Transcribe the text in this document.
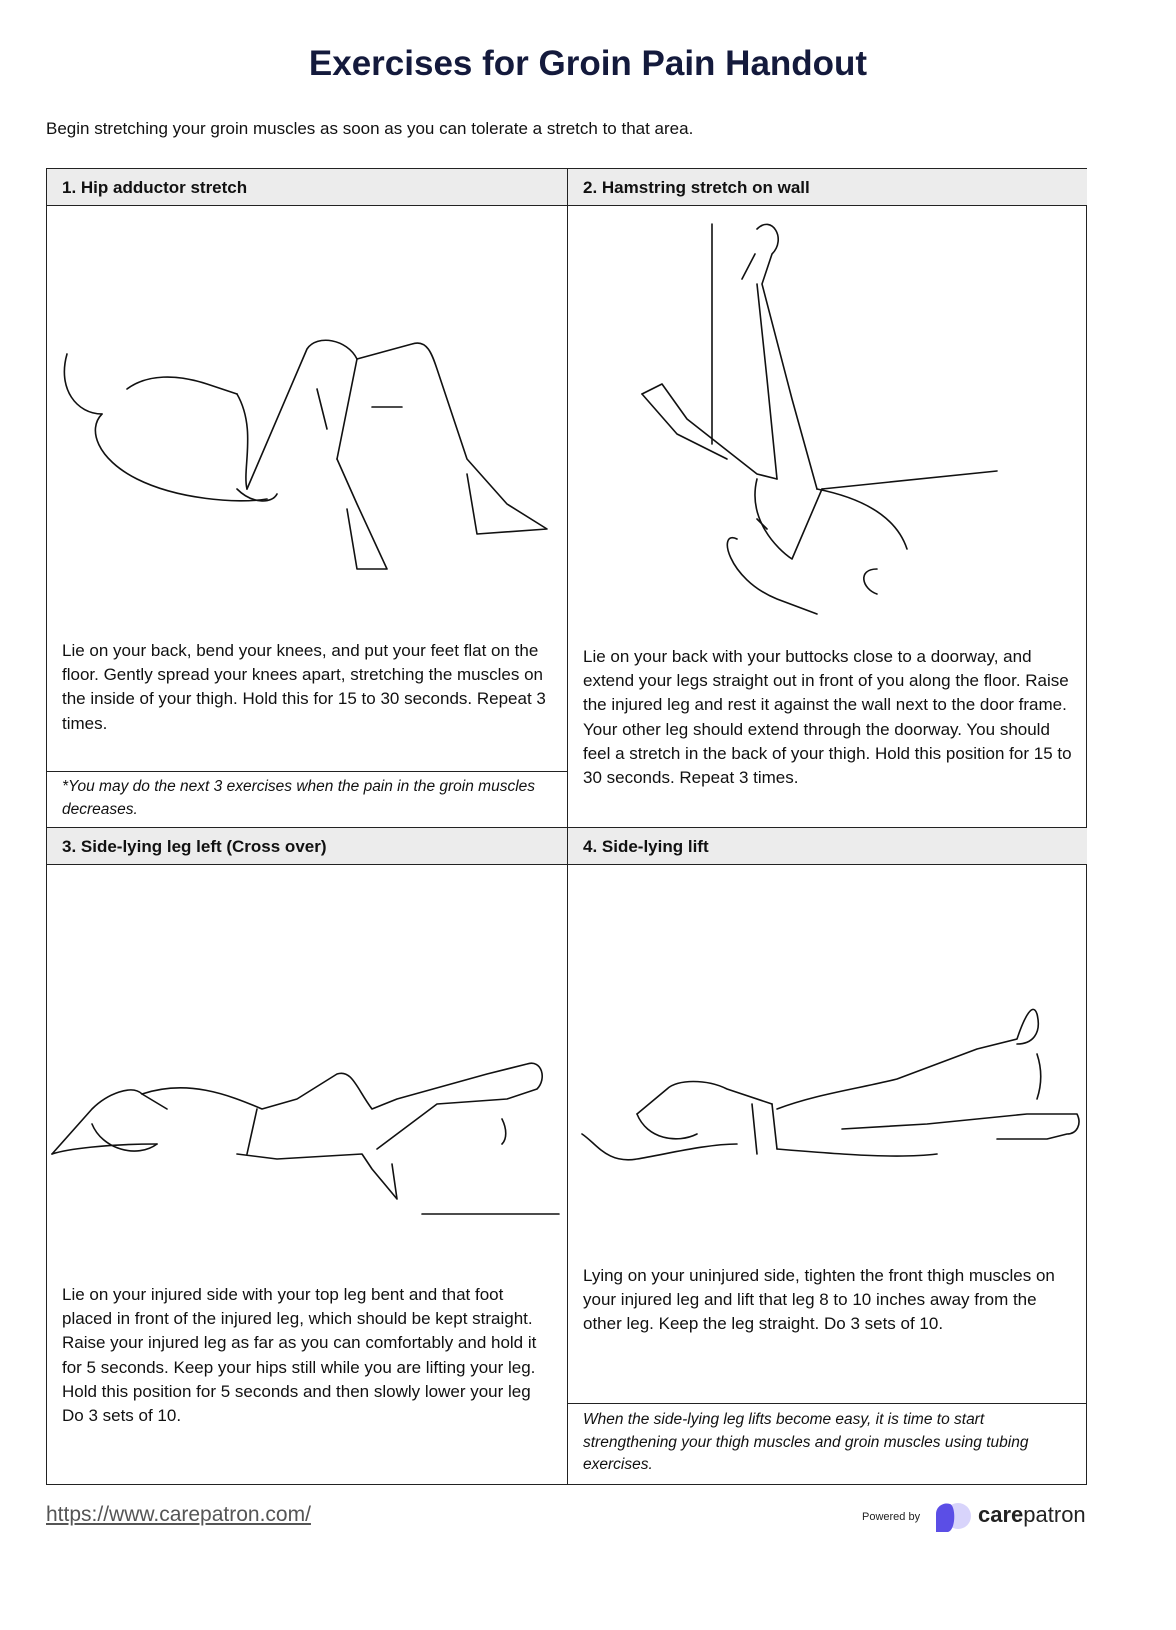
Exercises for Groin Pain Handout

Begin stretching your groin muscles as soon as you can tolerate a stretch to that area.

1. Hip adductor stretch	2. Hamstring stretch on wall

Lie on your back, bend your knees, and put your feet flat on the floor. Gently spread your knees apart, stretching the muscles on the inside of your thigh. Hold this for 15 to 30 seconds. Repeat 3 times.

*You may do the next 3 exercises when the pain in the groin muscles decreases.

Lie on your back with your buttocks close to a doorway, and extend your legs straight out in front of you along the floor. Raise the injured leg and rest it against the wall next to the door frame. Your other leg should extend through the doorway. You should feel a stretch in the back of your thigh. Hold this position for 15 to 30 seconds. Repeat 3 times.

3. Side-lying leg left (Cross over)	4. Side-lying lift

Lie on your injured side with your top leg bent and that foot placed in front of the injured leg, which should be kept straight. Raise your injured leg as far as you can comfortably and hold it for 5 seconds. Keep your hips still while you are lifting your leg. Hold this position for 5 seconds and then slowly lower your leg Do 3 sets of 10.

Lying on your uninjured side, tighten the front thigh muscles on your injured leg and lift that leg 8 to 10 inches away from the other leg. Keep the leg straight. Do 3 sets of 10.

When the side-lying leg lifts become easy, it is time to start strengthening your thigh muscles and groin muscles using tubing exercises.

https://www.carepatron.com/	Powered by	carepatron
